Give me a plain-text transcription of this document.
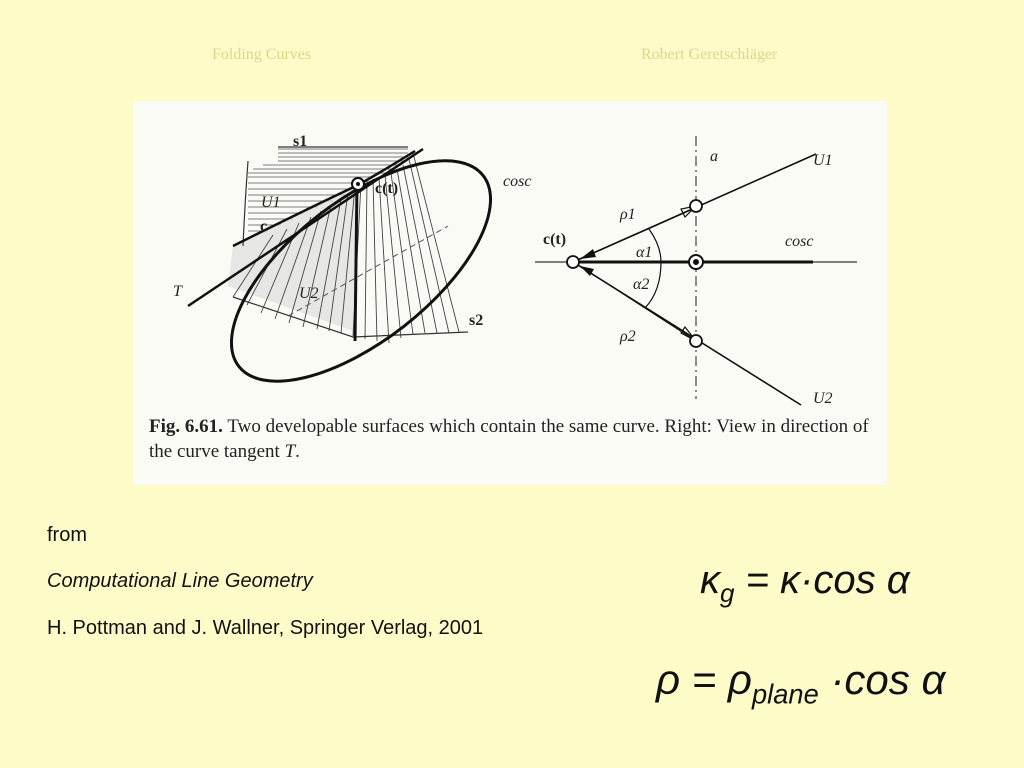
Folding Curves	Robert Geretschläger
s1
c(t)
U1
c
T	U2
s2
cosc
a	U1
U2
c(t)	cosc
ρ1
ρ2
α1
α2
Fig. 6.61. Two developable surfaces which contain the same curve. Right: View in direction of the curve tangent T.
from
Computational Line Geometry
H. Pottman and J. Wallner, Springer Verlag, 2001
$\kappa_g = \kappa\cdot\cos$ α
$\rho = \rho_{plane} \cdot\cos$ α
